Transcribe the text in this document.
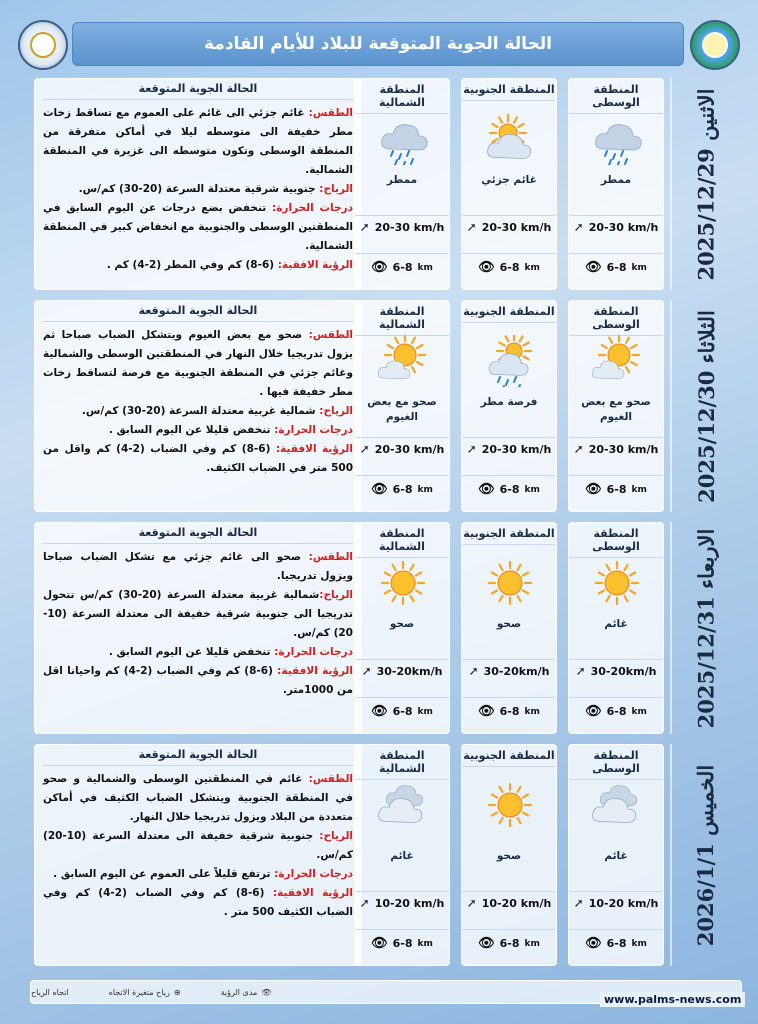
الحالة الجوية المتوقعة للبلاد للأيام القادمة
الاثنين 2025/12/29
الحالة الجوية المتوقعة
الطقس: غائم جزئي الى غائم على العموم مع تساقط زخات مطر خفيفة الى متوسطه ليلا في أماكن متفرقة من المنطقة الوسطى وتكون متوسطه الى غزيرة في المنطقة الشمالية.
الرياح: جنوبية شرقية معتدلة السرعة (20-30) كم/س.
درجات الحرارة: تنخفض بضع درجات عن اليوم السابق في المنطقتين الوسطى والجنوبية مع انخفاض كبير في المنطقة الشمالية.
الرؤية الافقية: (6-8) كم وفي المطر (2-4) كم .
المنطقة الوسطى
ممطر
➚ 20-30 km/h
👁 6-8 km
المنطقة الجنوبية
غائم جزئي
➚ 20-30 km/h
👁 6-8 km
المنطقة الشمالية
ممطر
➚ 20-30 km/h
👁 6-8 km
الثلاثاء 2025/12/30
الحالة الجوية المتوقعة
الطقس: صحو مع بعض الغيوم ويتشكل الضباب صباحا ثم يزول تدريجيا خلال النهار في المنطقتين الوسطى والشمالية وغائم جزئي في المنطقة الجنوبية مع فرصة لتساقط زخات مطر خفيفة فيها .
الرياح: شمالية غربية معتدلة السرعة (20-30) كم/س.
درجات الحرارة: تنخفض قليلا عن اليوم السابق .
الرؤية الافقية: (6-8) كم وفي الضباب (2-4) كم واقل من 500 متر في الضباب الكثيف.
المنطقة الوسطى
صحو مع بعض الغيوم
➚ 20-30 km/h
👁 6-8 km
المنطقة الجنوبية
فرصة مطر
➚ 20-30 km/h
👁 6-8 km
المنطقة الشمالية
صحو مع بعض الغيوم
➚ 20-30 km/h
👁 6-8 km
الاربعاء 2025/12/31
الحالة الجوية المتوقعة
الطقس: صحو الى غائم جزئي مع تشكل الضباب صباحا ويزول تدريجيا.
الرياح:شمالية غربية معتدلة السرعة (20-30) كم/س تتحول تدريجيا الى جنوبية شرقية خفيفة الى معتدلة السرعة (10-20) كم/س.
درجات الحرارة: تنخفض قليلا عن اليوم السابق .
الرؤية الافقية: (6-8) كم وفي الضباب (2-4) كم واحيانا اقل من 1000متر.
المنطقة الوسطى
غائم
➚ 30-20km/h
👁 6-8 km
المنطقة الجنوبية
صحو
➚ 30-20km/h
👁 6-8 km
المنطقة الشمالية
صحو
➚ 30-20km/h
👁 6-8 km
الخميس 2026/1/1
الحالة الجوية المتوقعة
الطقس: غائم في المنطقتين الوسطى والشمالية و صحو في المنطقة الجنوبية ويتشكل الضباب الكثيف في أماكن متعددة من البلاد ويزول تدريجيا خلال النهار.
الرياح: جنوبية شرقية خفيفة الى معتدلة السرعة (10-20) كم/س.
درجات الحرارة: ترتفع قليلاً على العموم عن اليوم السابق .
الرؤية الافقية: (6-8) كم وفي الضباب (2-4) كم وفي الضباب الكثيف 500 متر .
المنطقة الوسطى
غائم
➚ 10-20 km/h
👁 6-8 km
المنطقة الجنوبية
صحو
➚ 10-20 km/h
👁 6-8 km
المنطقة الشمالية
غائم
➚ 10-20 km/h
👁 6-8 km
👁
مدى الرؤية
⊕
رياح متغيرة الاتجاه
اتجاه الرياح
www.palms-news.com
